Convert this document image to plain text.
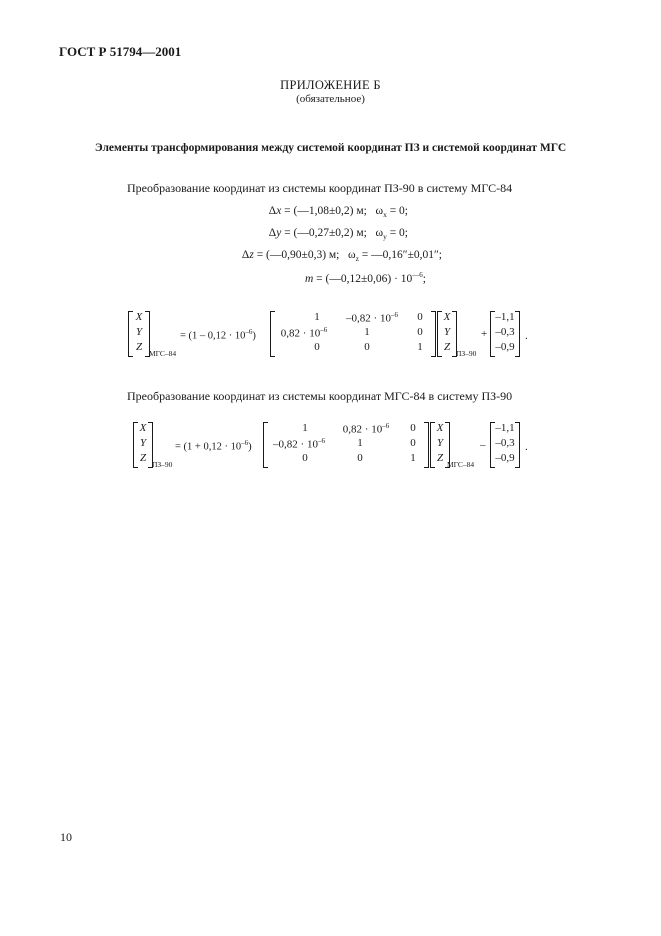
ГОСТ Р 51794—2001
ПРИЛОЖЕНИЕ Б
(обязательное)
Элементы трансформирования между системой координат ПЗ и системой координат МГС
Преобразование координат из системы координат ПЗ-90 в систему МГС-84
Δx = (—1,08±0,2) м; $\omega_x = 0$;
Δy = (—0,27±0,2) м; $\omega_y = 0$;
Δz = (—0,90±0,3) м; $\omega_z$ = —0,16″±0,01″;
m = (—0,12±0,06) · $10^{—6}$;
X
Y
Z
МГС–84
= $(1 - 0,12 \cdot 10^{-6})$
1	$-0,82 \cdot 10^{-6}$	0
$0,82 \cdot 10^{-6}$	1	0
0	0	1
X
Y
Z
ПЗ–90
+
–1,1
–0,3
–0,9
.
Преобразование координат из системы координат МГС-84 в систему ПЗ-90
X
Y
Z
ПЗ–90
= $(1 + 0,12 \cdot 10^{-6})$
1	$0,82 \cdot 10^{-6}$	0
$-0,82 \cdot 10^{-6}$	1	0
0	0	1
X
Y
Z
МГС–84
–
–1,1
–0,3
–0,9
.
10
